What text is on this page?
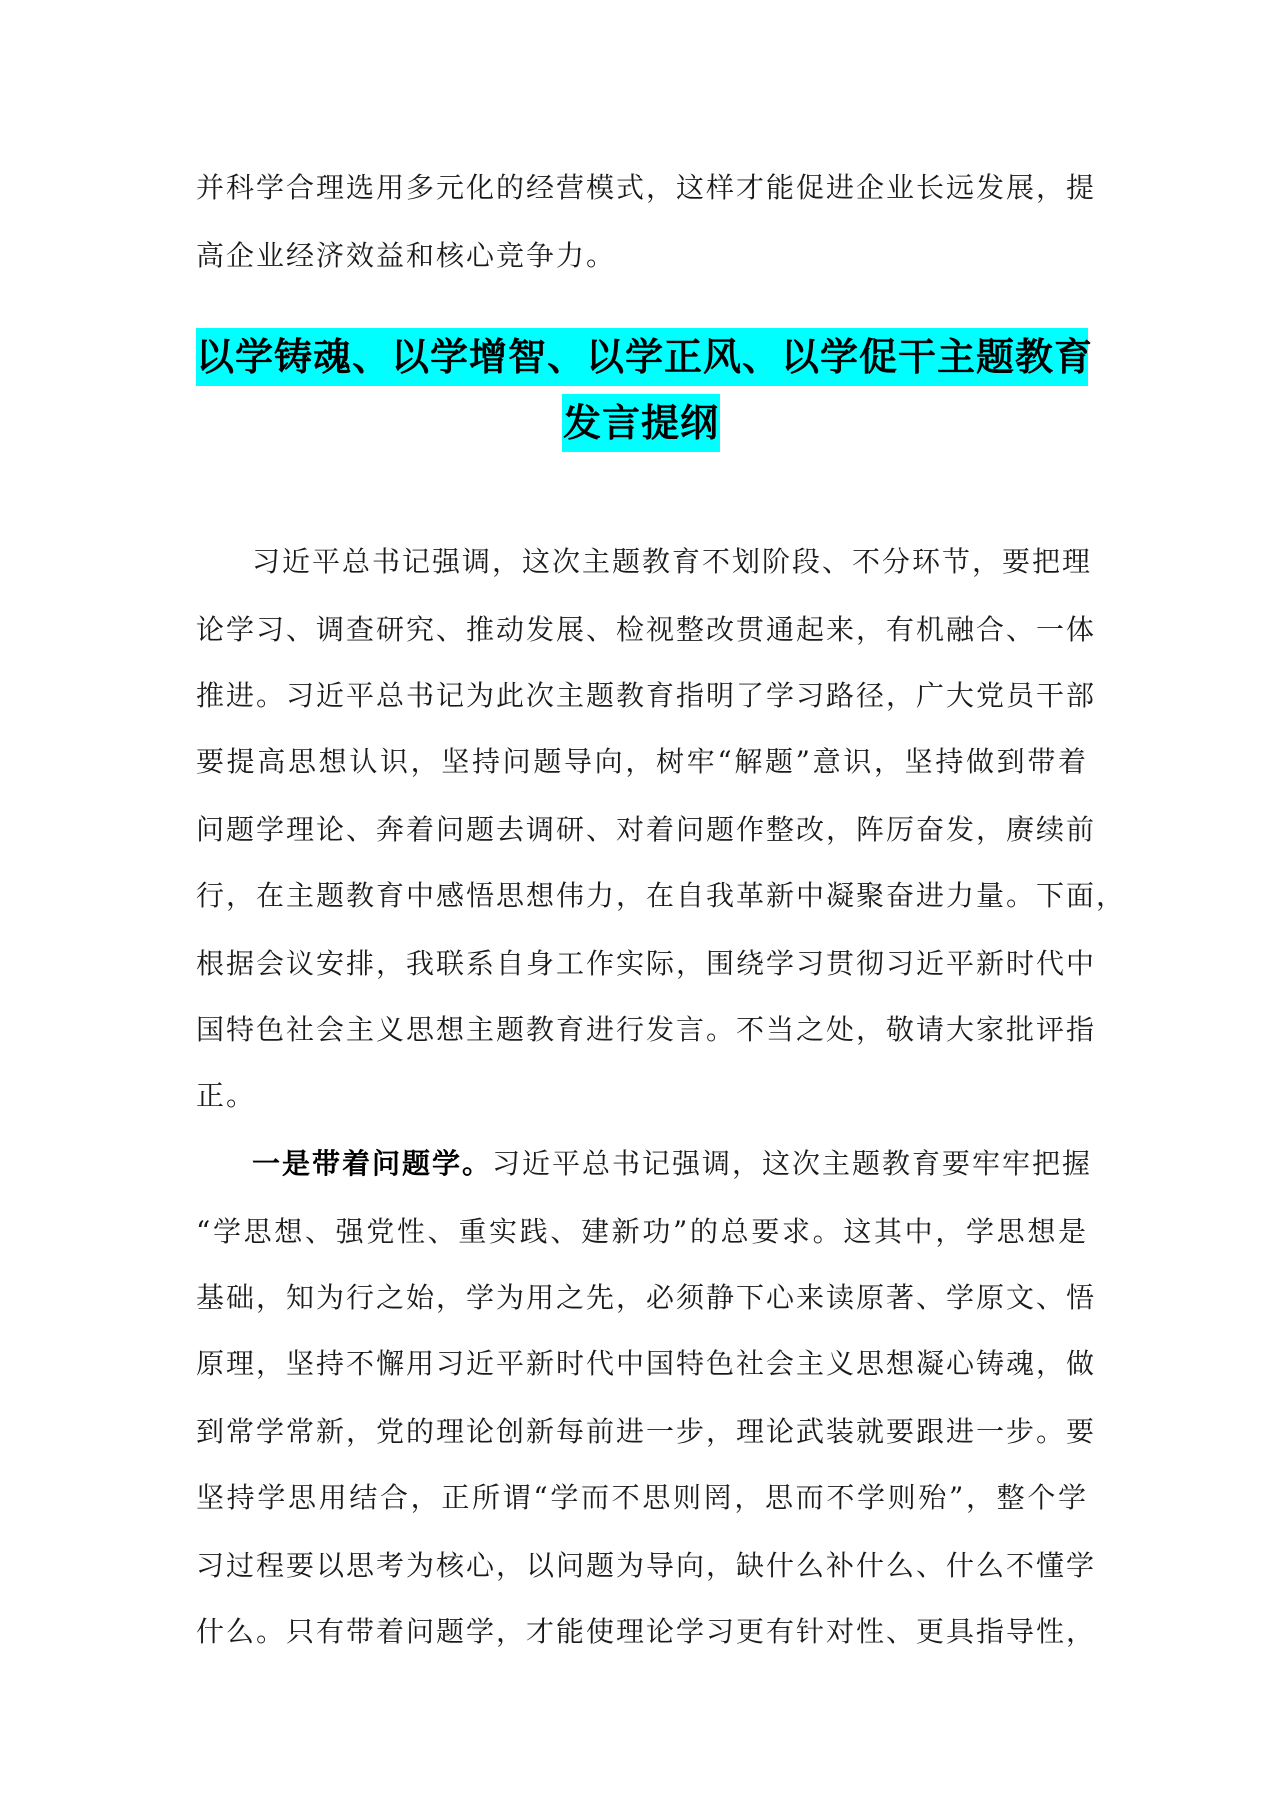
并科学合理选用多元化的经营模式，这样才能促进企业长远发展，提
高企业经济效益和核心竞争力。
以学铸魂、以学增智、以学正风、以学促干主题教育
发言提纲
习近平总书记强调，这次主题教育不划阶段、不分环节，要把理
论学习、调查研究、推动发展、检视整改贯通起来，有机融合、一体
推进。习近平总书记为此次主题教育指明了学习路径，广大党员干部
要提高思想认识，坚持问题导向，树牢“解题”意识，坚持做到带着
问题学理论、奔着问题去调研、对着问题作整改，阵厉奋发，赓续前
行，在主题教育中感悟思想伟力，在自我革新中凝聚奋进力量。下面，
根据会议安排，我联系自身工作实际，围绕学习贯彻习近平新时代中
国特色社会主义思想主题教育进行发言。不当之处，敬请大家批评指
正。
一是带着问题学。习近平总书记强调，这次主题教育要牢牢把握
“学思想、强党性、重实践、建新功”的总要求。这其中，学思想是
基础，知为行之始，学为用之先，必须静下心来读原著、学原文、悟
原理，坚持不懈用习近平新时代中国特色社会主义思想凝心铸魂，做
到常学常新，党的理论创新每前进一步，理论武装就要跟进一步。要
坚持学思用结合，正所谓“学而不思则罔，思而不学则殆”，整个学
习过程要以思考为核心，以问题为导向，缺什么补什么、什么不懂学
什么。只有带着问题学，才能使理论学习更有针对性、更具指导性，
